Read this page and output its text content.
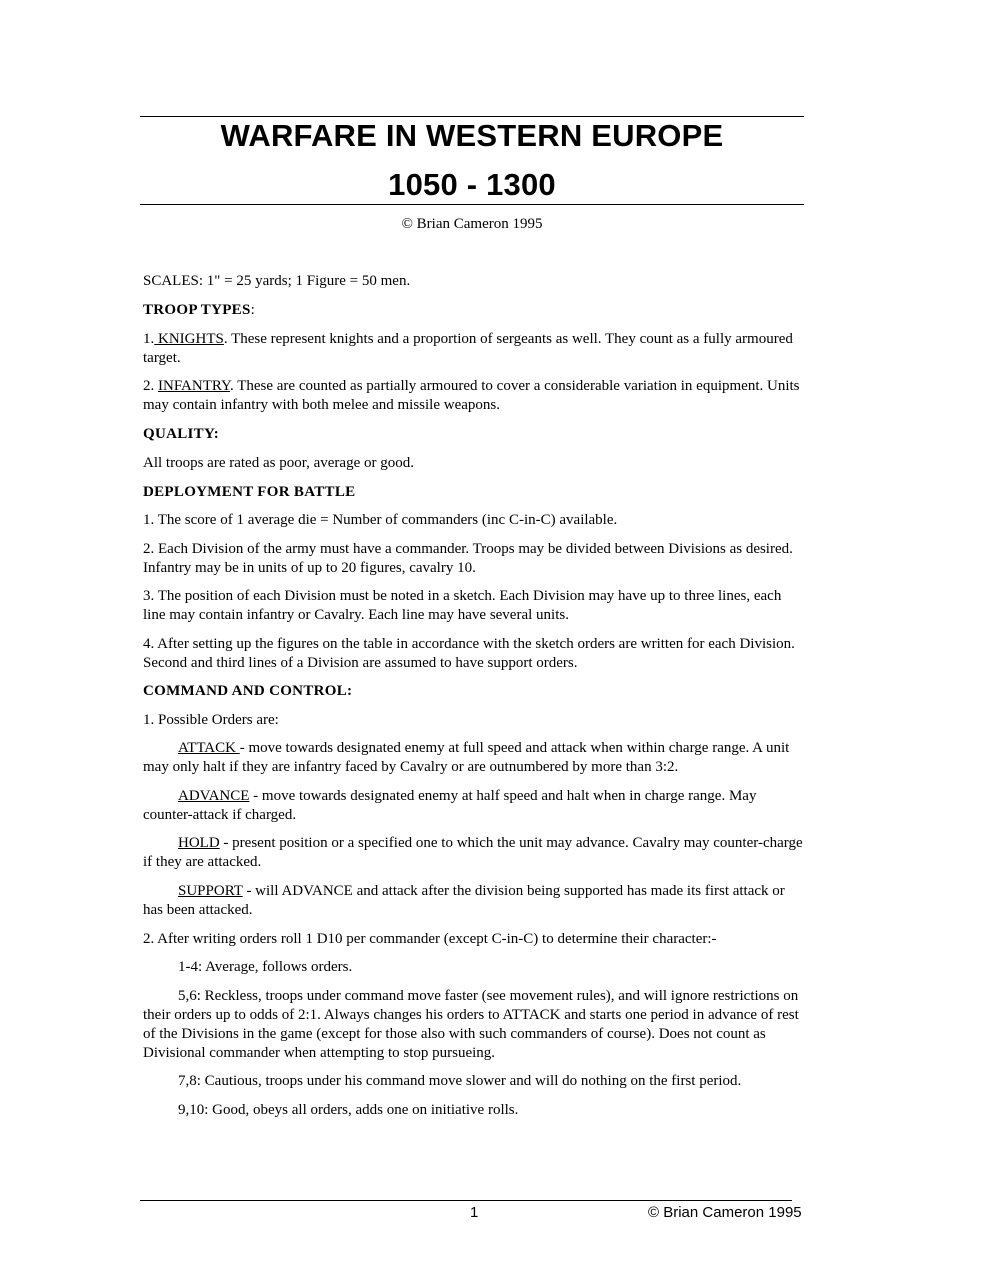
WARFARE IN WESTERN EUROPE
1050 - 1300
© Brian Cameron 1995
SCALES: 1" = 25 yards; 1 Figure = 50 men.
TROOP TYPES:
1. KNIGHTS. These represent knights and a proportion of sergeants as well. They count as a fully armoured target.
2. INFANTRY. These are counted as partially armoured to cover a considerable variation in equipment. Units may contain infantry with both melee and missile weapons.
QUALITY:
All troops are rated as poor, average or good.
DEPLOYMENT FOR BATTLE
1. The score of 1 average die = Number of commanders (inc C-in-C) available.
2. Each Division of the army must have a commander. Troops may be divided between Divisions as desired. Infantry may be in units of up to 20 figures, cavalry 10.
3. The position of each Division must be noted in a sketch. Each Division may have up to three lines, each line may contain infantry or Cavalry. Each line may have several units.
4. After setting up the figures on the table in accordance with the sketch orders are written for each Division. Second and third lines of a Division are assumed to have support orders.
COMMAND AND CONTROL:
1. Possible Orders are:
ATTACK - move towards designated enemy at full speed and attack when within charge range. A unit may only halt if they are infantry faced by Cavalry or are outnumbered by more than 3:2.
ADVANCE - move towards designated enemy at half speed and halt when in charge range. May counter-attack if charged.
HOLD - present position or a specified one to which the unit may advance. Cavalry may counter-charge if they are attacked.
SUPPORT - will ADVANCE and attack after the division being supported has made its first attack or has been attacked.
2. After writing orders roll 1 D10 per commander (except C-in-C) to determine their character:-
1-4: Average, follows orders.
5,6: Reckless, troops under command move faster (see movement rules), and will ignore restrictions on their orders up to odds of 2:1. Always changes his orders to ATTACK and starts one period in advance of rest of the Divisions in the game (except for those also with such commanders of course). Does not count as Divisional commander when attempting to stop pursueing.
7,8: Cautious, troops under his command move slower and will do nothing on the first period.
9,10: Good, obeys all orders, adds one on initiative rolls.
1	© Brian Cameron 1995
